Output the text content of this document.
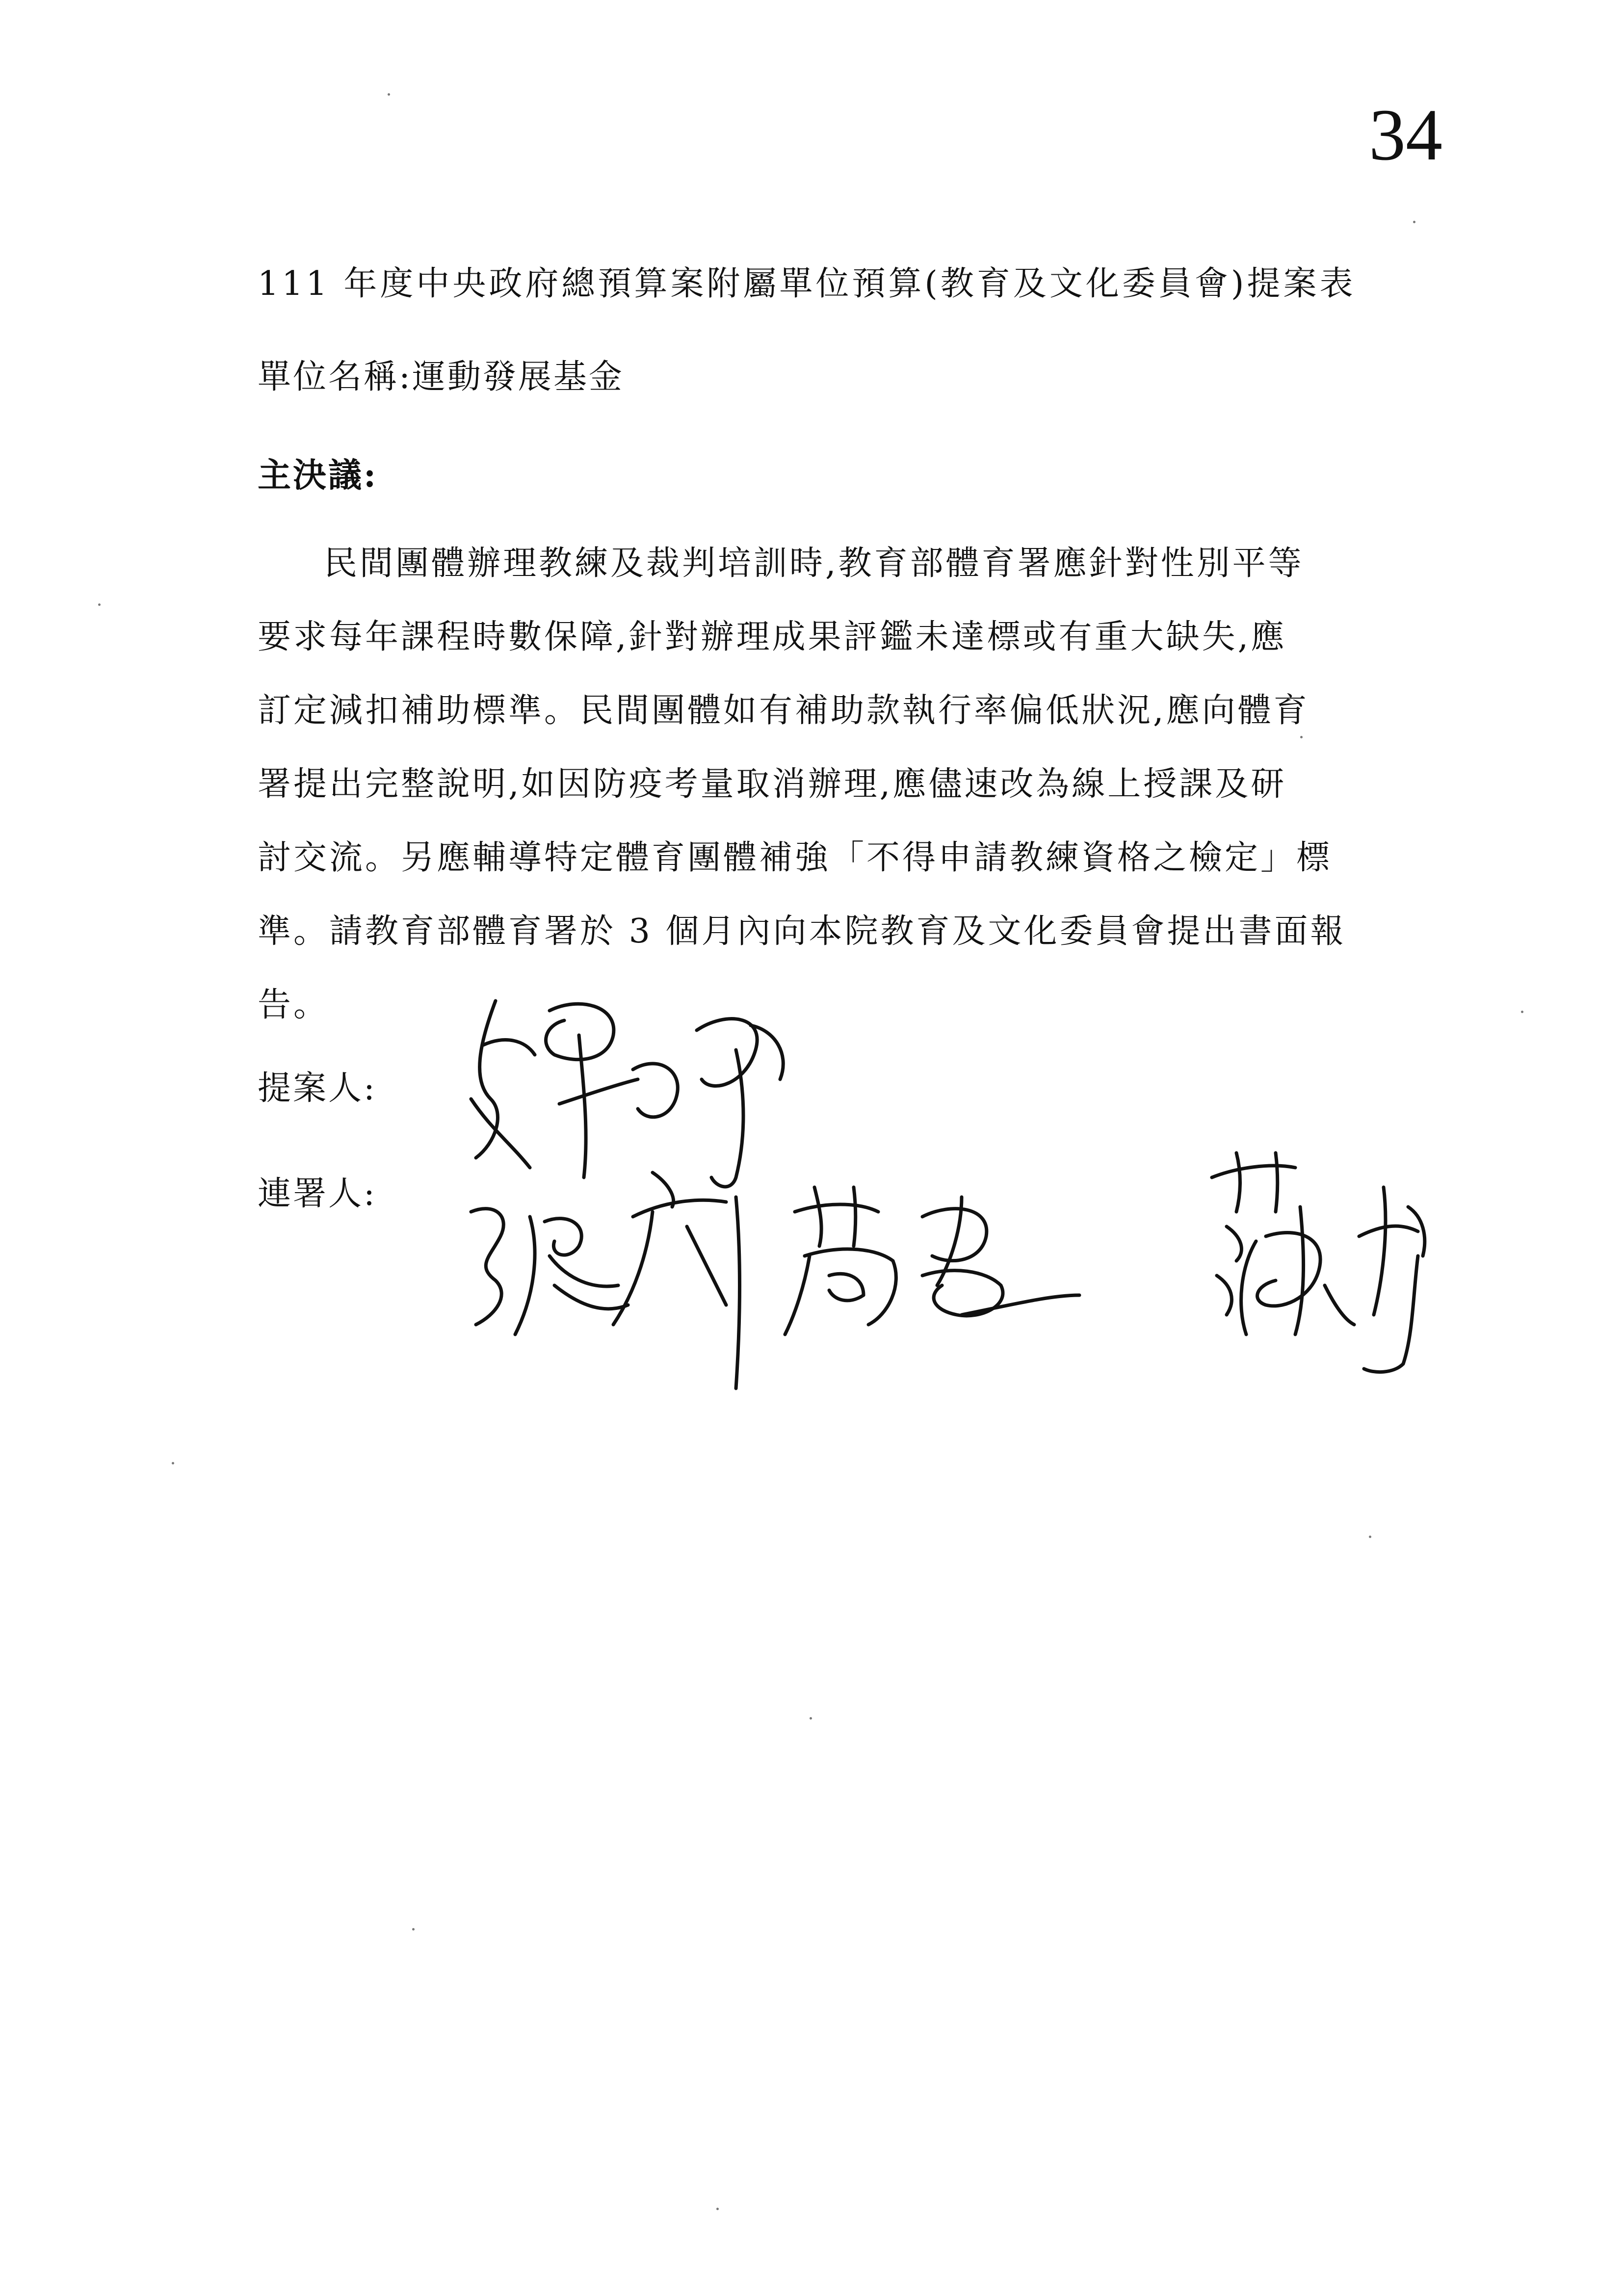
34
111 年度中央政府總預算案附屬單位預算(教育及文化委員會)提案表
單位名稱:運動發展基金
主決議:
民間團體辦理教練及裁判培訓時,教育部體育署應針對性別平等
要求每年課程時數保障,針對辦理成果評鑑未達標或有重大缺失,應
訂定減扣補助標準。民間團體如有補助款執行率偏低狀況,應向體育
署提出完整說明,如因防疫考量取消辦理,應儘速改為線上授課及研
討交流。另應輔導特定體育團體補強「不得申請教練資格之檢定」標
準。請教育部體育署於 3 個月內向本院教育及文化委員會提出書面報
告。
提案人:
連署人:
